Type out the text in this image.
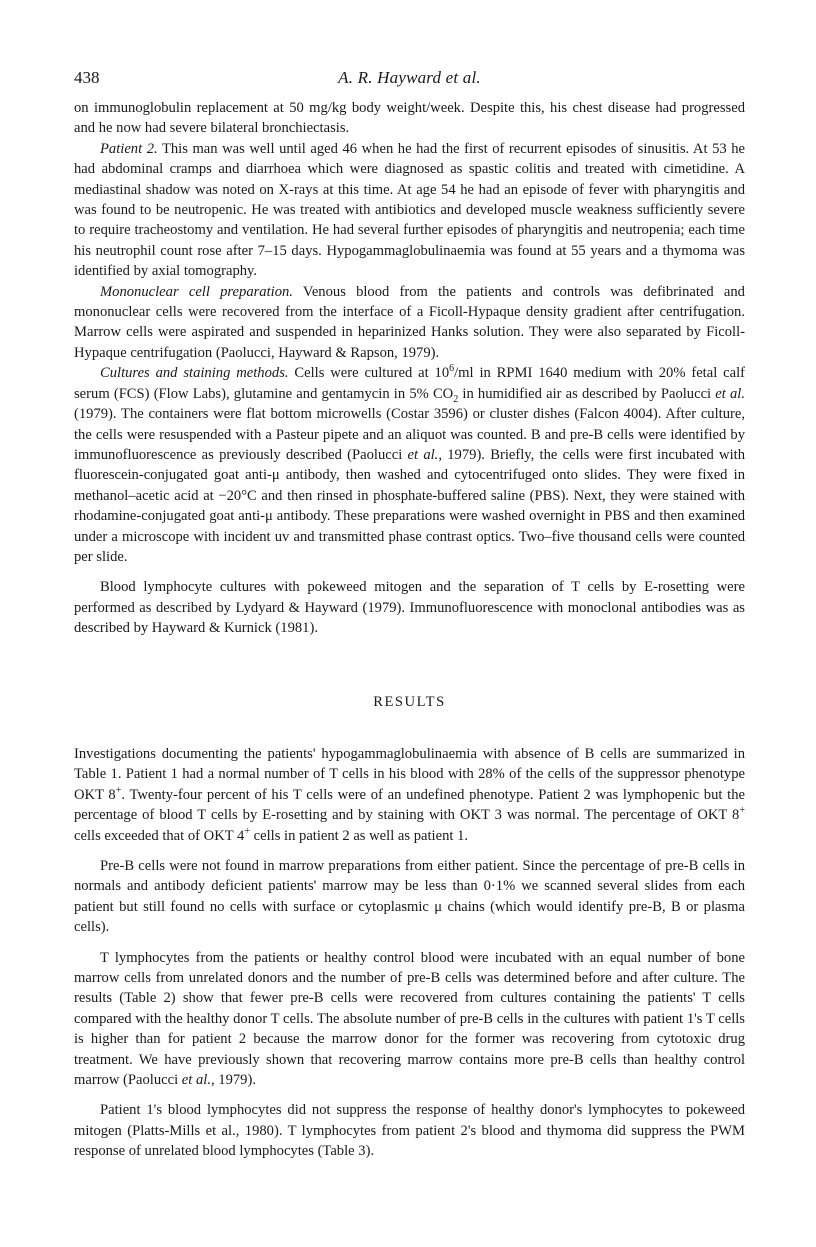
438	A. R. Hayward et al.

on immunoglobulin replacement at 50 mg/kg body weight/week. Despite this, his chest disease had progressed and he now had severe bilateral bronchiectasis.

Patient 2. This man was well until aged 46 when he had the first of recurrent episodes of sinusitis. At 53 he had abdominal cramps and diarrhoea which were diagnosed as spastic colitis and treated with cimetidine. A mediastinal shadow was noted on X-rays at this time. At age 54 he had an episode of fever with pharyngitis and was found to be neutropenic. He was treated with antibiotics and developed muscle weakness sufficiently severe to require tracheostomy and ventilation. He had several further episodes of pharyngitis and neutropenia; each time his neutrophil count rose after 7–15 days. Hypogammaglobulinaemia was found at 55 years and a thymoma was identified by axial tomography.

Mononuclear cell preparation. Venous blood from the patients and controls was defibrinated and mononuclear cells were recovered from the interface of a Ficoll-Hypaque density gradient after centrifugation. Marrow cells were aspirated and suspended in heparinized Hanks solution. They were also separated by Ficoll-Hypaque centrifugation (Paolucci, Hayward & Rapson, 1979).

Cultures and staining methods. Cells were cultured at $10^6/ml$ in RPMI 1640 medium with 20% fetal calf serum (FCS) (Flow Labs), glutamine and gentamycin in 5% $CO_2$ in humidified air as described by Paolucci et al. (1979). The containers were flat bottom microwells (Costar 3596) or cluster dishes (Falcon 4004). After culture, the cells were resuspended with a Pasteur pipete and an aliquot was counted. B and pre-B cells were identified by immunofluorescence as previously described (Paolucci et al., 1979). Briefly, the cells were first incubated with fluorescein-conjugated goat anti-μ antibody, then washed and cytocentrifuged onto slides. They were fixed in methanol–acetic acid at −20°C and then rinsed in phosphate-buffered saline (PBS). Next, they were stained with rhodamine-conjugated goat anti-μ antibody. These preparations were washed overnight in PBS and then examined under a microscope with incident uv and transmitted phase contrast optics. Two–five thousand cells were counted per slide.

Blood lymphocyte cultures with pokeweed mitogen and the separation of T cells by E-rosetting were performed as described by Lydyard & Hayward (1979). Immunofluorescence with monoclonal antibodies was as described by Hayward & Kurnick (1981).

RESULTS

Investigations documenting the patients' hypogammaglobulinaemia with absence of B cells are summarized in Table 1. Patient 1 had a normal number of T cells in his blood with 28% of the cells of the suppressor phenotype OKT 8+. Twenty-four percent of his T cells were of an undefined phenotype. Patient 2 was lymphopenic but the percentage of blood T cells by E-rosetting and by staining with OKT 3 was normal. The percentage of OKT 8+ cells exceeded that of OKT 4+ cells in patient 2 as well as patient 1.

Pre-B cells were not found in marrow preparations from either patient. Since the percentage of pre-B cells in normals and antibody deficient patients' marrow may be less than 0·1% we scanned several slides from each patient but still found no cells with surface or cytoplasmic μ chains (which would identify pre-B, B or plasma cells).

T lymphocytes from the patients or healthy control blood were incubated with an equal number of bone marrow cells from unrelated donors and the number of pre-B cells was determined before and after culture. The results (Table 2) show that fewer pre-B cells were recovered from cultures containing the patients' T cells compared with the healthy donor T cells. The absolute number of pre-B cells in the cultures with patient 1's T cells is higher than for patient 2 because the marrow donor for the former was recovering from cytotoxic drug treatment. We have previously shown that recovering marrow contains more pre-B cells than healthy control marrow (Paolucci et al., 1979).

Patient 1's blood lymphocytes did not suppress the response of healthy donor's lymphocytes to pokeweed mitogen (Platts-Mills et al., 1980). T lymphocytes from patient 2's blood and thymoma did suppress the PWM response of unrelated blood lymphocytes (Table 3).
